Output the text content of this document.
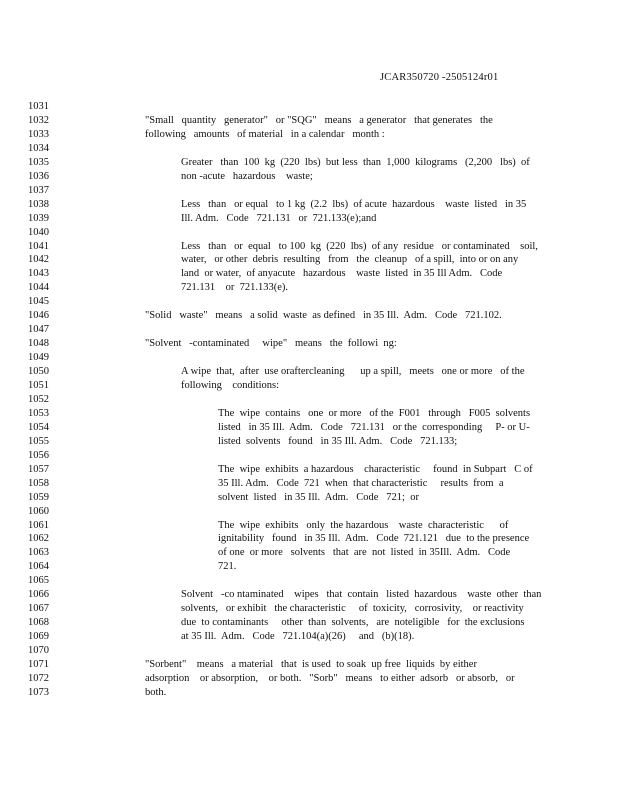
JCAR350720 -2505124r01
1031
1032
1033
1034
1035
1036
1037
1038
1039
1040
1041
1042
1043
1044
1045
1046
1047
1048
1049
1050
1051
1052
1053
1054
1055
1056
1057
1058
1059
1060
1061
1062
1063
1064
1065
1066
1067
1068
1069
1070
1071
1072
1073
"Small   quantity   generator"   or "SQG"   means   a generator   that generates   the
following   amounts   of material   in a calendar   month :
Greater   than  100  kg  (220  lbs)  but less  than  1,000  kilograms   (2,200   lbs)  of
non -acute   hazardous    waste;
Less   than   or equal   to 1 kg  (2.2  lbs)  of acute  hazardous    waste  listed   in 35
Ill. Adm.   Code   721.131   or  721.133(e);and
Less   than   or  equal   to 100  kg  (220  lbs)  of any  residue   or contaminated    soil,
water,   or other  debris  resulting   from   the  cleanup   of a spill,  into or on any
land  or water,  of anyacute   hazardous    waste  listed  in 35 Ill Adm.   Code
721.131    or  721.133(e).
"Solid   waste"   means   a solid  waste  as defined   in 35 Ill.  Adm.   Code   721.102.
"Solvent   -contaminated     wipe"   means   the  followi  ng:
A wipe  that,  after  use oraftercleaning      up a spill,   meets   one or more   of the
following    conditions:
The  wipe  contains   one  or more   of the  F001   through   F005  solvents
listed   in 35 Ill.  Adm.   Code   721.131   or the  corresponding     P- or U-
listed  solvents   found   in 35 Ill. Adm.   Code   721.133;
The  wipe  exhibits  a hazardous    characteristic     found  in Subpart   C of
35 Ill. Adm.   Code  721  when  that characteristic     results  from  a
solvent  listed   in 35 Ill.  Adm.   Code   721;  or
The  wipe  exhibits   only  the hazardous    waste  characteristic      of
ignitability   found   in 35 Ill.  Adm.   Code  721.121   due  to the presence
of one  or more   solvents   that  are  not  listed  in 35Ill.  Adm.   Code
721.
Solvent   -co ntaminated    wipes   that  contain   listed  hazardous    waste  other  than
solvents,   or exhibit   the characteristic     of  toxicity,   corrosivity,    or reactivity
due  to contaminants     other  than  solvents,   are  noteligible   for  the exclusions
at 35 Ill.  Adm.   Code   721.104(a)(26)     and   (b)(18).
"Sorbent"    means   a material   that  is used  to soak  up free  liquids  by either
adsorption    or absorption,    or both.   "Sorb"   means   to either  adsorb   or absorb,   or
both.
